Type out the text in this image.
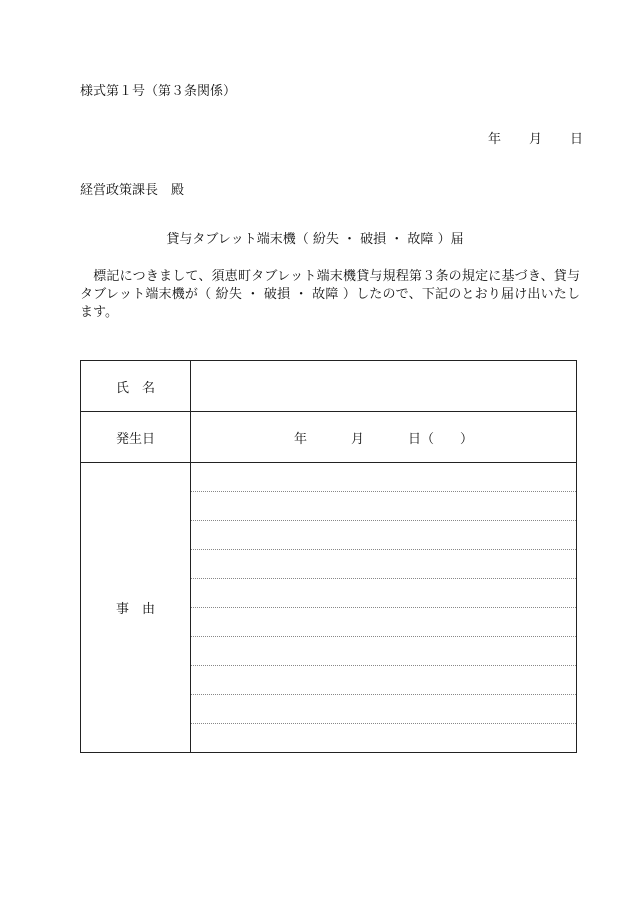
様式第１号（第３条関係）
年 月 日
経営政策課長　殿
貸与タブレット端末機（ 紛失 ・ 破損 ・ 故障 ）届
標記につきまして、須恵町タブレット端末機貸与規程第３条の規定に基づき、貸与タブレット端末機が（ 紛失 ・ 破損 ・ 故障 ）したので、下記のとおり届け出いたします。
氏　名	
発生日	年 月 日（　　）
事　由	
